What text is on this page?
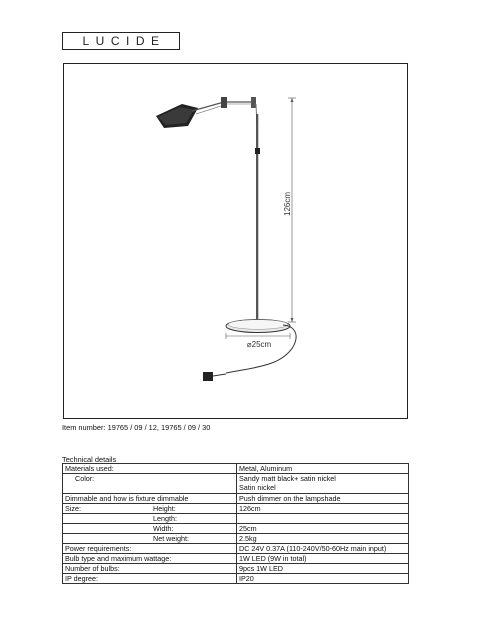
LUCIDE
126cm
⌀25cm
Item number: 19765 / 09 / 12, 19765 / 09 / 30
Technical details
Materials used:	Metal, Aluminum
Color:	Sandy matt black+ satin nickel
Satin nickel

Dimmable and how is fixture dimmable	Push dimmer on the lampshade

Size: Height:	126cm

Length:	

Width:	25cm

Net weight:	2.5kg
Power requirements:	DC 24V 0.37A (110-240V/50-60Hz main input)
Bulb type and maximum wattage:	1W LED (9W in total)
Number of bulbs:	9pcs 1W LED
IP degree:	IP20
